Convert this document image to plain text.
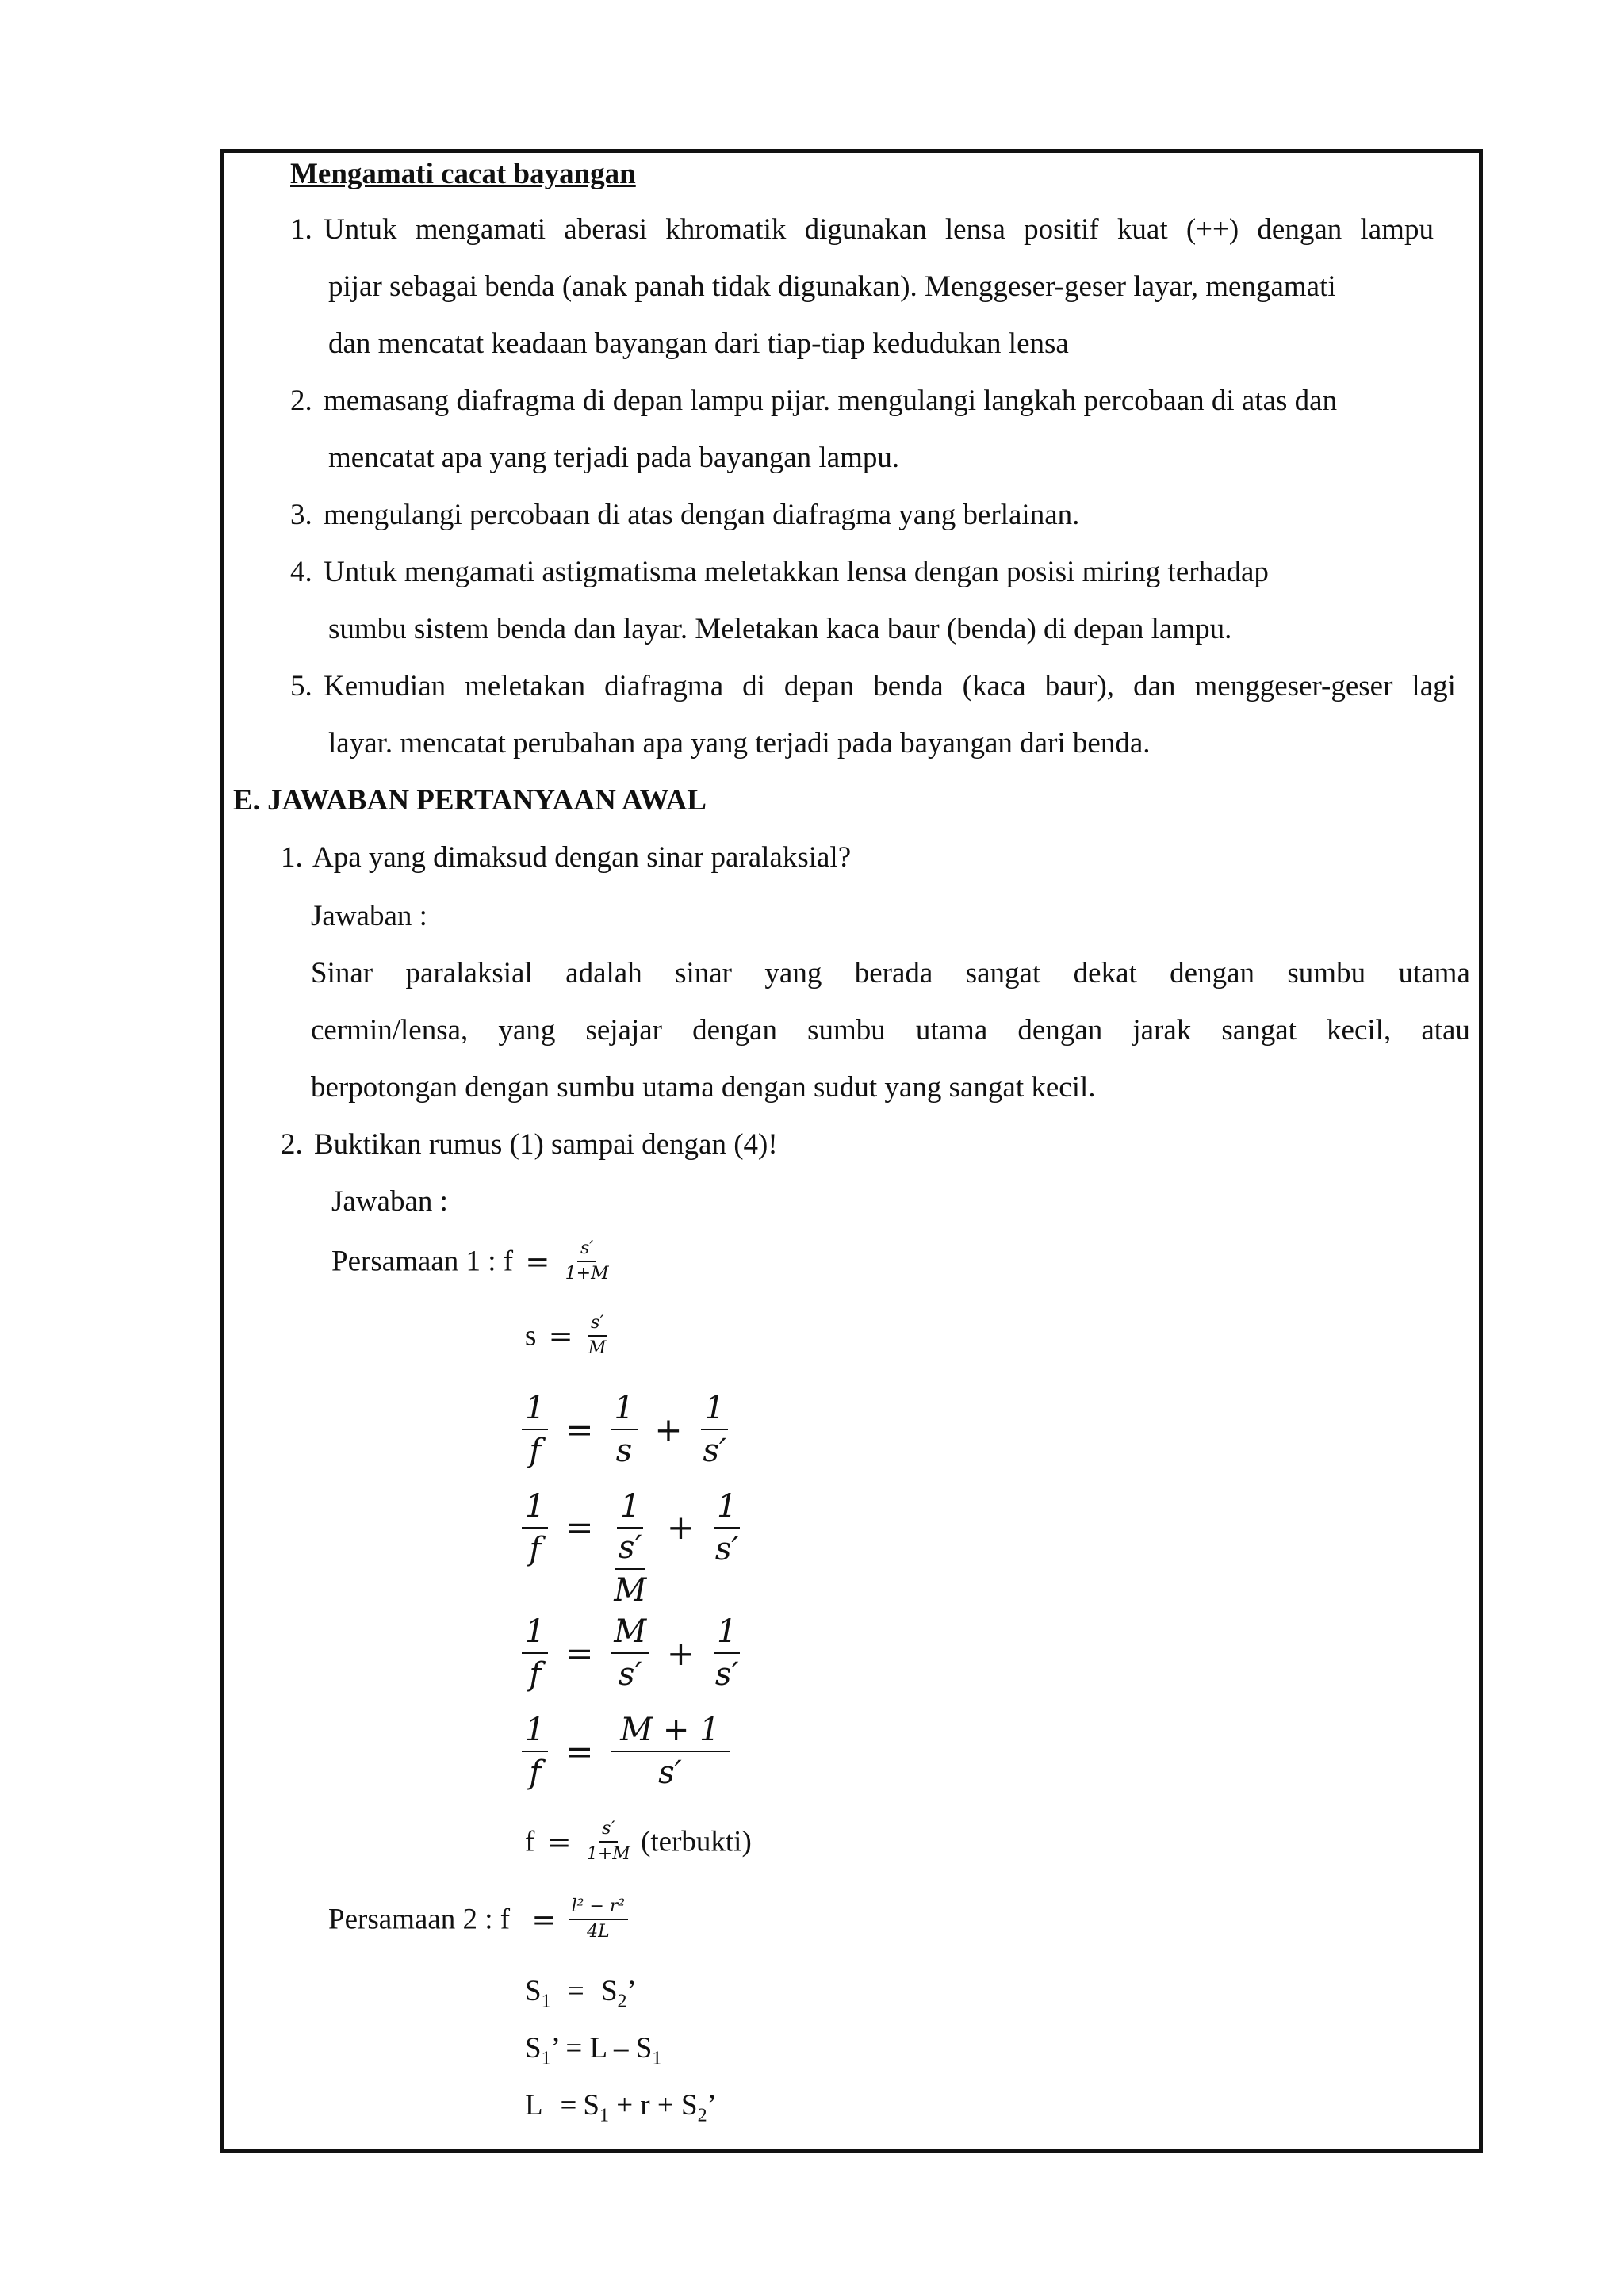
Mengamati cacat bayangan
1. Untuk mengamati aberasi khromatik digunakan lensa positif kuat (++) dengan lampu
pijar sebagai benda (anak panah tidak digunakan). Menggeser-geser layar, mengamati
dan mencatat keadaan bayangan dari tiap-tiap kedudukan lensa
2. memasang diafragma di depan lampu pijar. mengulangi langkah percobaan di atas dan
mencatat apa yang terjadi pada bayangan lampu.
3. mengulangi percobaan di atas dengan diafragma yang berlainan.
4. Untuk mengamati astigmatisma meletakkan lensa dengan posisi miring terhadap
sumbu sistem benda dan layar. Meletakan kaca baur (benda) di depan lampu.
5. Kemudian meletakan diafragma di depan benda (kaca baur), dan menggeser-geser lagi
layar. mencatat perubahan apa yang terjadi pada bayangan dari benda.
E. JAWABAN PERTANYAAN AWAL
1. Apa yang dimaksud dengan sinar paralaksial?
Jawaban :
Sinar paralaksial adalah sinar yang berada sangat dekat dengan sumbu utama
cermin/lensa, yang sejajar dengan sumbu utama dengan jarak sangat kecil, atau
berpotongan dengan sumbu utama dengan sudut yang sangat kecil.
2. Buktikan rumus (1) sampai dengan (4)!
Jawaban :
Persamaan 1 : $f = \frac{s'}{1+M}$
$s = \frac{s'}{M}$
$\frac{1}{f} = \frac{1}{s} + \frac{1}{s'}$
$\frac{1}{f} = \frac{1}{\frac{s'}{M}} + \frac{1}{s'}$
$\frac{1}{f} = \frac{M}{s'} + \frac{1}{s'}$
$\frac{1}{f} = \frac{M + 1}{s'}$
$f = \frac{s'}{1+M}$ (terbukti)
Persamaan 2 : $f = \frac{\text{l² − r²}}{4L}$
$S_1 = S_2$’
$S_1$’ = L – $S_1$
$L = S_1 + r + S_2$’
